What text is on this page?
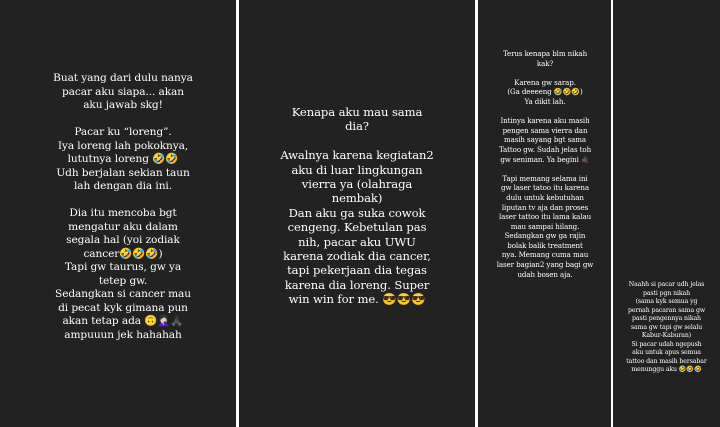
Buat yang dari dulu nanya
pacar aku siapa... akan
aku jawab skg!

Pacar ku “loreng”.
Iya loreng lah pokoknya,
lututnya loreng 🤣🤣
Udh berjalan sekian taun
lah dengan dia ini.

Dia itu mencoba bgt
mengatur aku dalam
segala hal (yoi zodiak
cancer🤣🤣🤣)
Tapi gw taurus, gw ya
tetep gw.
Sedangkan si cancer mau
di pecat kyk gimana pun
akan tetap ada 🙃🤦🏻‍♀️🙏🏿
ampuuun jek hahahah

Kenapa aku mau sama
dia?

Awalnya karena kegiatan2
aku di luar lingkungan
vierra ya (olahraga
nembak)
Dan aku ga suka cowok
cengeng. Kebetulan pas
nih, pacar aku UWU
karena zodiak dia cancer,
tapi pekerjaan dia tegas
karena dia loreng. Super
win win for me. 😎😎😎

Terus kenapa blm nikah
kak?

Karena gw sarap.
(Ga deeeeng 🤣🤣🤣)
Ya dikit lah.

Intinya karena aku masih
pengen sama vierra dan
masih sayang bgt sama
Tattoo gw. Sudah jelas toh
gw seniman. Ya begini 🤙🏿

Tapi memang selama ini
gw laser tatoo itu karena
dulu untuk kebutuhan
liputan tv aja dan proses
laser tattoo itu lama kalau
mau sampai hilang.
Sedangkan gw ga rajin
bolak balik treatment
nya. Memang cuma mau
laser bagian2 yang bagi gw
udah bosen aja.

Naahh si pacar udh jelas
pasti pgn nikah
(sama kyk semua yg
pernah pacaran sama gw
pasti pengennya nikah
sama gw tapi gw selalu
Kabur-Kaburan)
Si pacar udah ngepush
aku untuk apus semua
tattoo dan masih bersabar
menunggu aku 🤣🤣🤣
